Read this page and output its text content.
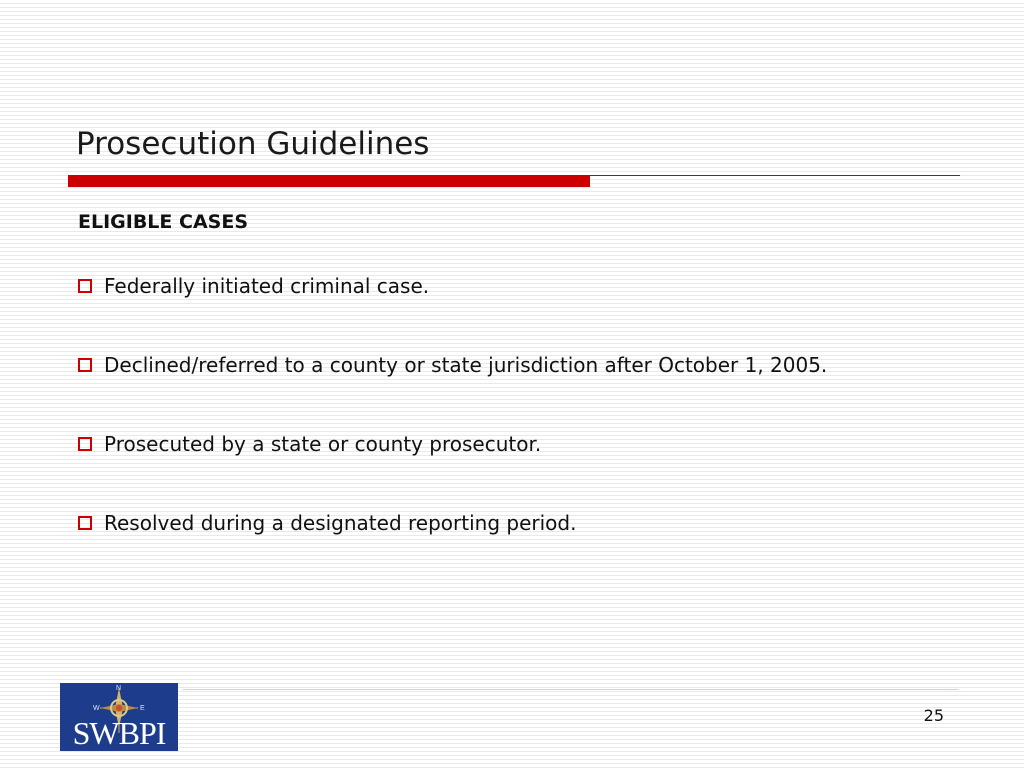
Prosecution Guidelines
ELIGIBLE CASES
Federally initiated criminal case.
Declined/referred to a county or state jurisdiction after October 1, 2005.
Prosecuted by a state or county prosecutor.
Resolved during a designated reporting period.
25
N
W	E
SWBPI
